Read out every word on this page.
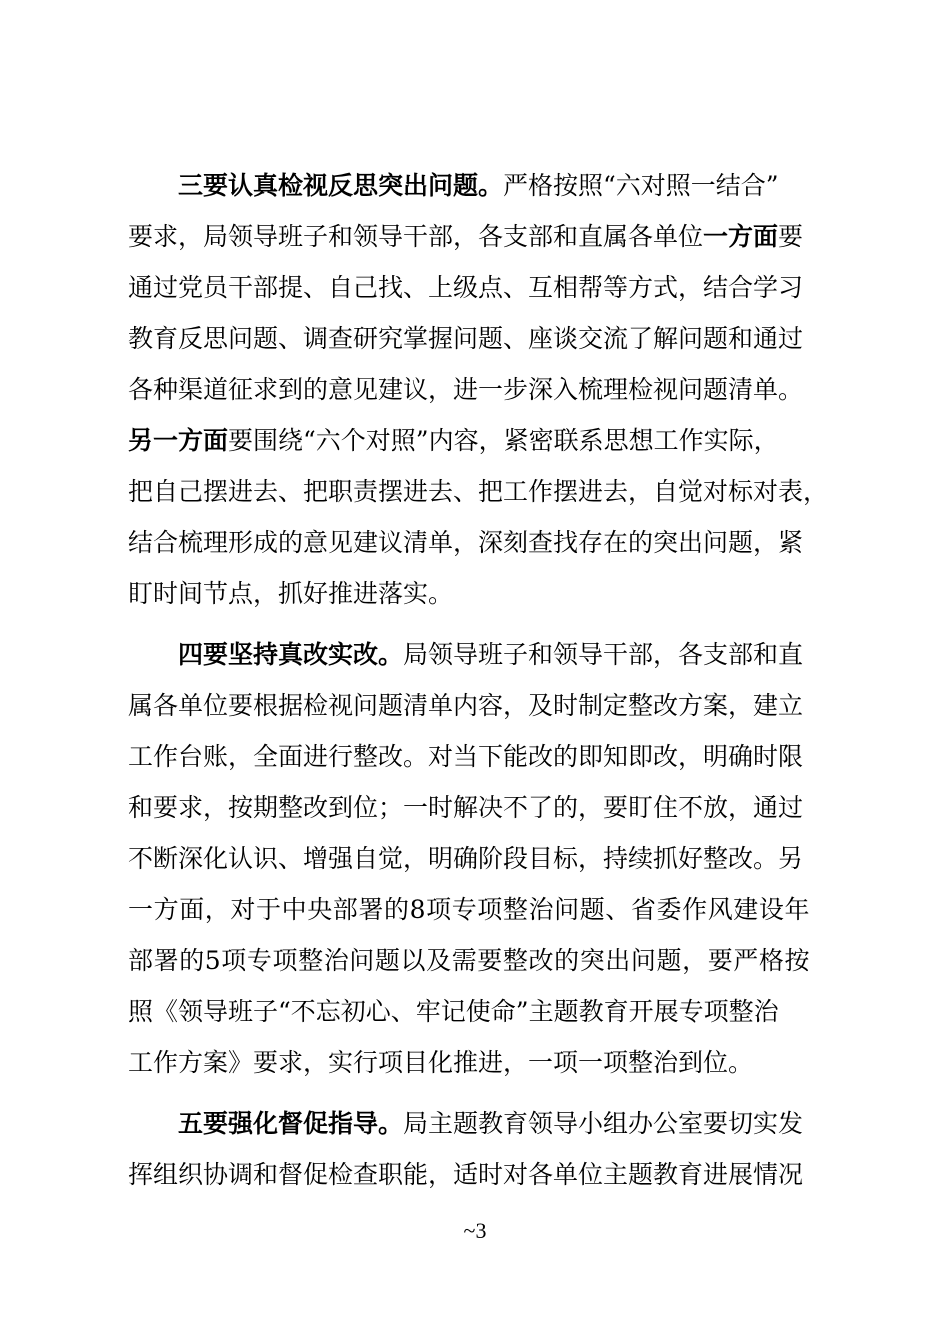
三要认真检视反思突出问题。严格按照“六对照一结合”
要求，局领导班子和领导干部，各支部和直属各单位一方面要
通过党员干部提、自己找、上级点、互相帮等方式，结合学习
教育反思问题、调查研究掌握问题、座谈交流了解问题和通过
各种渠道征求到的意见建议，进一步深入梳理检视问题清单。
另一方面要围绕“六个对照”内容，紧密联系思想工作实际，
把自己摆进去、把职责摆进去、把工作摆进去，自觉对标对表，
结合梳理形成的意见建议清单，深刻查找存在的突出问题，紧
盯时间节点，抓好推进落实。
四要坚持真改实改。局领导班子和领导干部，各支部和直
属各单位要根据检视问题清单内容，及时制定整改方案，建立
工作台账，全面进行整改。对当下能改的即知即改，明确时限
和要求，按期整改到位；一时解决不了的，要盯住不放，通过
不断深化认识、增强自觉，明确阶段目标，持续抓好整改。另
一方面，对于中央部署的8项专项整治问题、省委作风建设年
部署的5项专项整治问题以及需要整改的突出问题，要严格按
照《领导班子“不忘初心、牢记使命”主题教育开展专项整治
工作方案》要求，实行项目化推进，一项一项整治到位。
五要强化督促指导。局主题教育领导小组办公室要切实发
挥组织协调和督促检查职能，适时对各单位主题教育进展情况
~3
